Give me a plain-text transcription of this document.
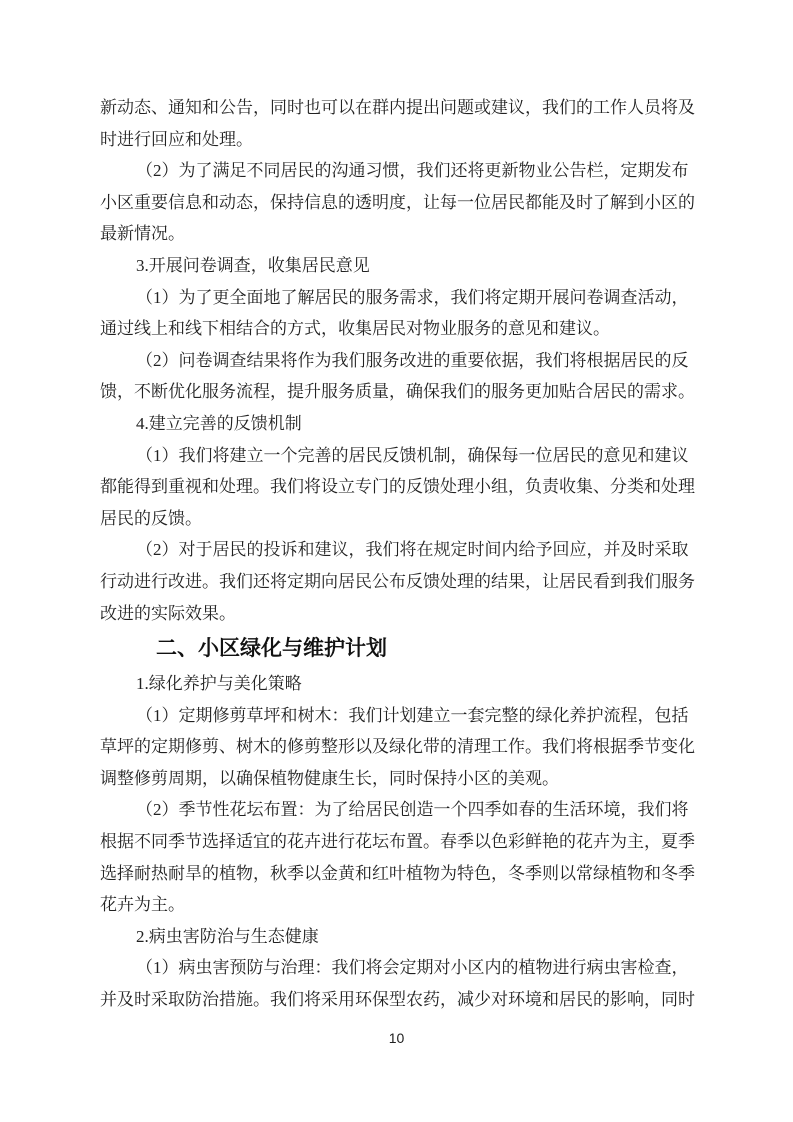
新动态、通知和公告，同时也可以在群内提出问题或建议，我们的工作人员将及
时进行回应和处理。
（2）为了满足不同居民的沟通习惯，我们还将更新物业公告栏，定期发布
小区重要信息和动态，保持信息的透明度，让每一位居民都能及时了解到小区的
最新情况。
3.开展问卷调查，收集居民意见
（1）为了更全面地了解居民的服务需求，我们将定期开展问卷调查活动，
通过线上和线下相结合的方式，收集居民对物业服务的意见和建议。
（2）问卷调查结果将作为我们服务改进的重要依据，我们将根据居民的反
馈，不断优化服务流程，提升服务质量，确保我们的服务更加贴合居民的需求。
4.建立完善的反馈机制
（1）我们将建立一个完善的居民反馈机制，确保每一位居民的意见和建议
都能得到重视和处理。我们将设立专门的反馈处理小组，负责收集、分类和处理
居民的反馈。
（2）对于居民的投诉和建议，我们将在规定时间内给予回应，并及时采取
行动进行改进。我们还将定期向居民公布反馈处理的结果，让居民看到我们服务
改进的实际效果。
二、小区绿化与维护计划
1.绿化养护与美化策略
（1）定期修剪草坪和树木：我们计划建立一套完整的绿化养护流程，包括
草坪的定期修剪、树木的修剪整形以及绿化带的清理工作。我们将根据季节变化
调整修剪周期，以确保植物健康生长，同时保持小区的美观。
（2）季节性花坛布置：为了给居民创造一个四季如春的生活环境，我们将
根据不同季节选择适宜的花卉进行花坛布置。春季以色彩鲜艳的花卉为主，夏季
选择耐热耐旱的植物，秋季以金黄和红叶植物为特色，冬季则以常绿植物和冬季
花卉为主。
2.病虫害防治与生态健康
（1）病虫害预防与治理：我们将会定期对小区内的植物进行病虫害检查，
并及时采取防治措施。我们将采用环保型农药，减少对环境和居民的影响，同时
10
